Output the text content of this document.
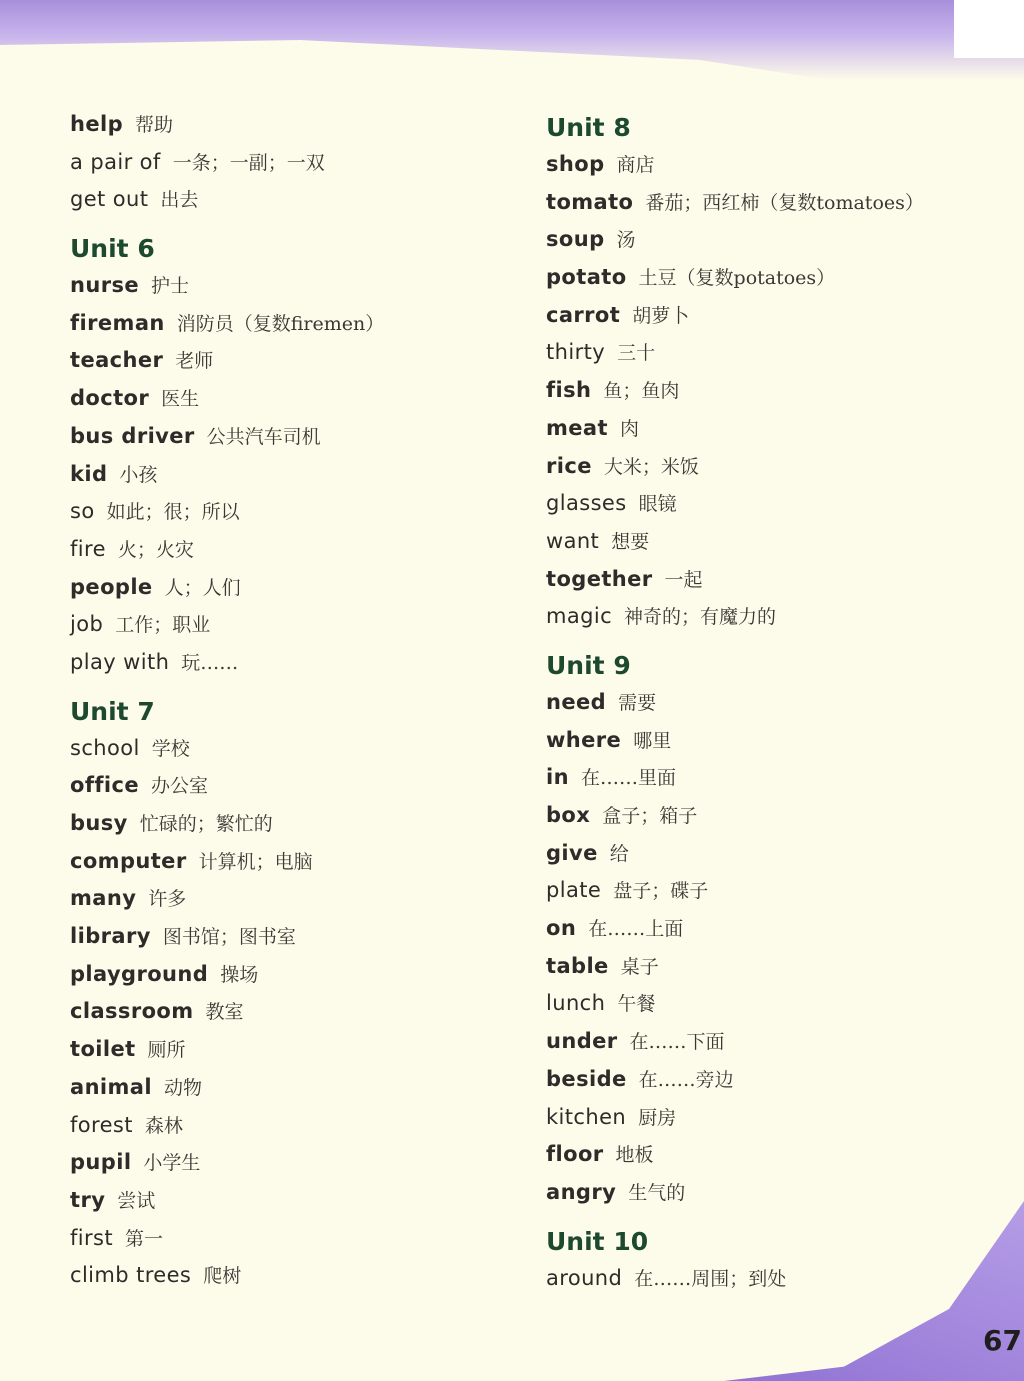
help 帮助
a pair of 一条；一副；一双
get out 出去
Unit 6
nurse 护士
fireman 消防员（复数firemen）
teacher 老师
doctor 医生
bus driver 公共汽车司机
kid 小孩
so 如此；很；所以
fire 火；火灾
people 人；人们
job 工作；职业
play with 玩……
Unit 7
school 学校
office 办公室
busy 忙碌的；繁忙的
computer 计算机；电脑
many 许多
library 图书馆；图书室
playground 操场
classroom 教室
toilet 厕所
animal 动物
forest 森林
pupil 小学生
try 尝试
first 第一
climb trees 爬树
Unit 8
shop 商店
tomato 番茄；西红柿（复数tomatoes）
soup 汤
potato 土豆（复数potatoes）
carrot 胡萝卜
thirty 三十
fish 鱼；鱼肉
meat 肉
rice 大米；米饭
glasses 眼镜
want 想要
together 一起
magic 神奇的；有魔力的
Unit 9
need 需要
where 哪里
in 在……里面
box 盒子；箱子
give 给
plate 盘子；碟子
on 在……上面
table 桌子
lunch 午餐
under 在……下面
beside 在……旁边
kitchen 厨房
floor 地板
angry 生气的
Unit 10
around 在……周围；到处
67
